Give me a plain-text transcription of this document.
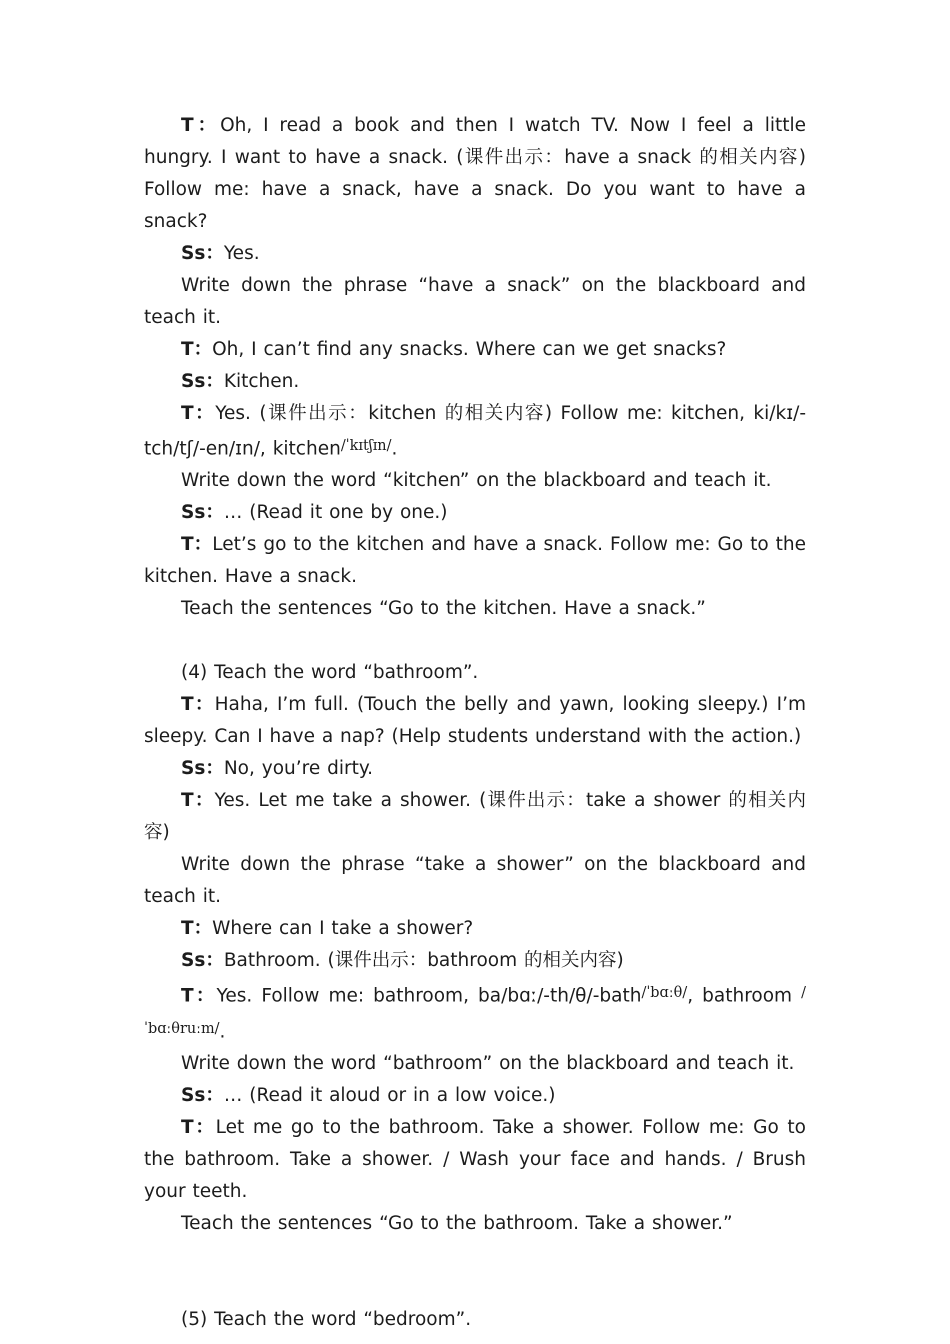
T：Oh, I read a book and then I watch TV. Now I feel a little hungry. I want to have a snack. (课件出示：have a snack 的相关内容) Follow me: have a snack, have a snack. Do you want to have a snack?

Ss：Yes.

Write down the phrase “have a snack” on the blackboard and teach it.

T：Oh, I can’t find any snacks. Where can we get snacks?

Ss：Kitchen.

T：Yes. (课件出示：kitchen 的相关内容) Follow me: kitchen, ki/kɪ/-tch/tʃ/-en/ɪn/, kitchen$^{/ˈkɪtʃɪn/}$.

Write down the word “kitchen” on the blackboard and teach it.

Ss：… (Read it one by one.)

T：Let’s go to the kitchen and have a snack. Follow me: Go to the kitchen. Have a snack.

Teach the sentences “Go to the kitchen. Have a snack.”

(4) Teach the word “bathroom”.

T：Haha, I’m full. (Touch the belly and yawn, looking sleepy.) I’m sleepy. Can I have a nap? (Help students understand with the action.)

Ss：No, you’re dirty.

T：Yes. Let me take a shower. (课件出示：take a shower 的相关内容)

Write down the phrase “take a shower” on the blackboard and teach it.

T：Where can I take a shower?

Ss：Bathroom. (课件出示：bathroom 的相关内容)

T：Yes. Follow me: bathroom, ba/bɑː/-th/θ/-bath$^{/ˈbɑː\theta/}$, bathroom $^{/ˈbɑː\theta ruːm/}$.

Write down the word “bathroom” on the blackboard and teach it.

Ss：… (Read it aloud or in a low voice.)

T：Let me go to the bathroom. Take a shower. Follow me: Go to the bathroom. Take a shower. / Wash your face and hands. / Brush your teeth.

Teach the sentences “Go to the bathroom. Take a shower.”

(5) Teach the word “bedroom”.
